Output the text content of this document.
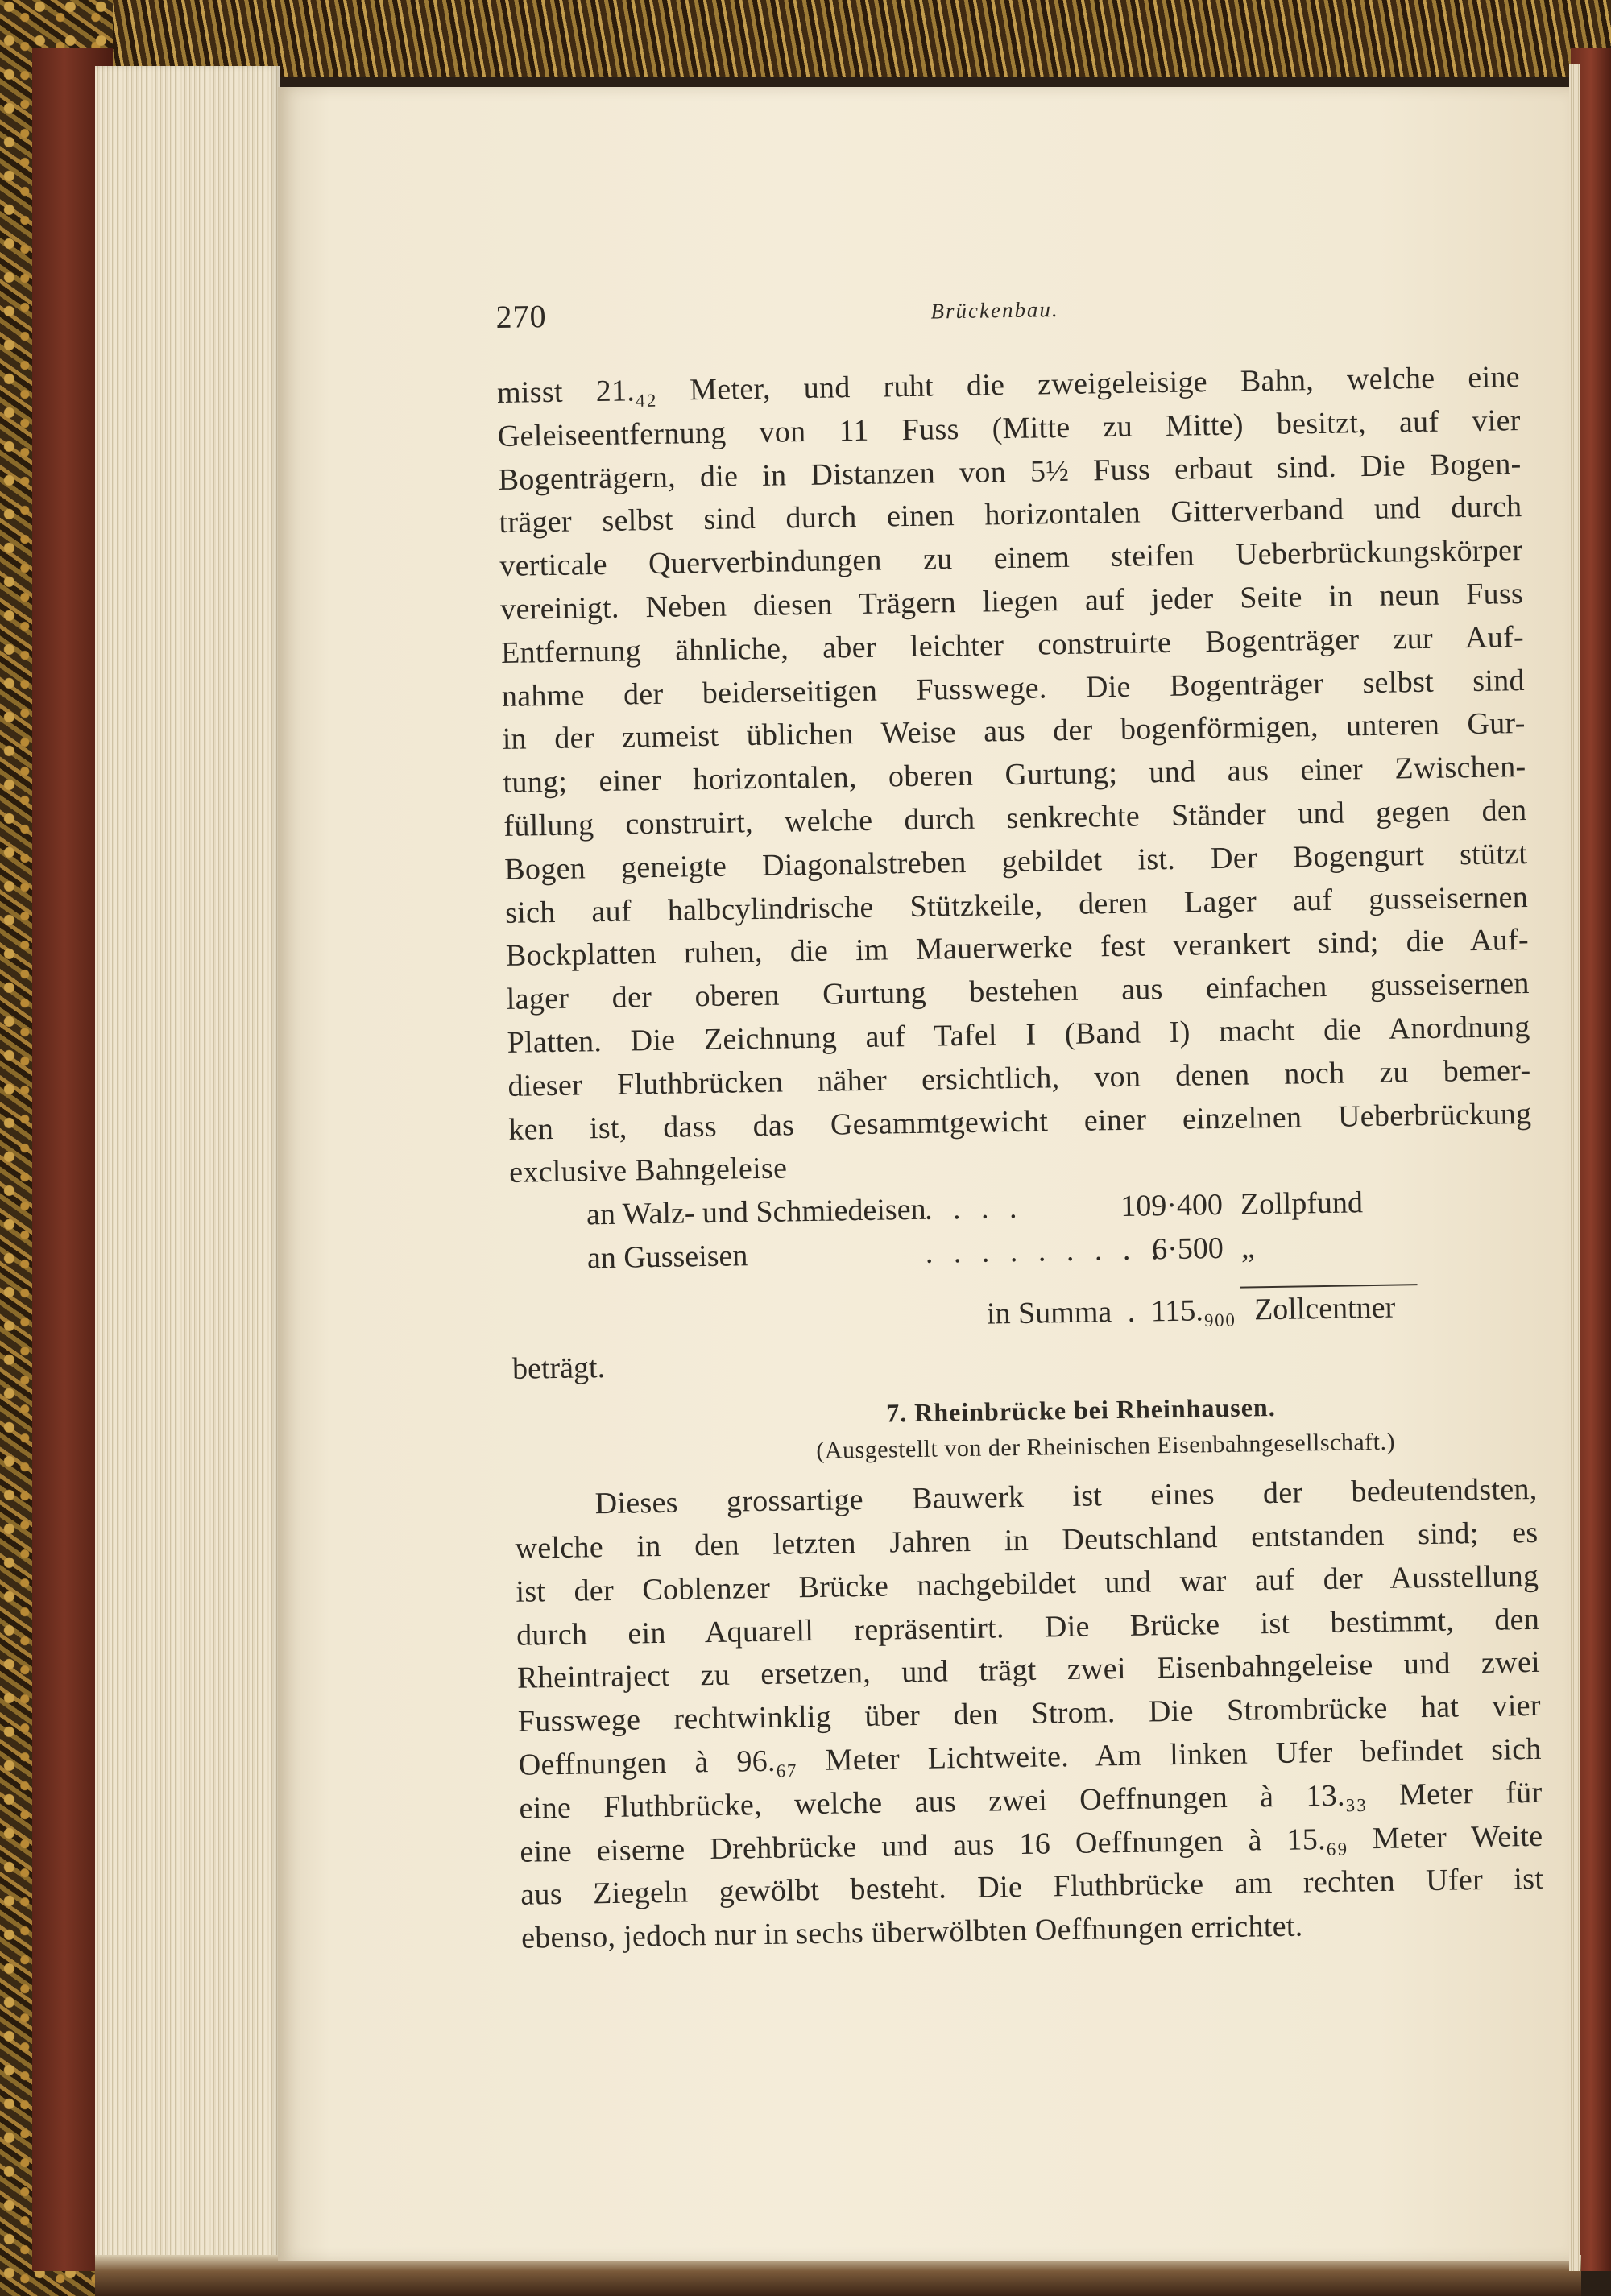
270	Brückenbau.

misst 21.₄₂ Meter, und ruht die zweigeleisige Bahn, welche eine
Geleiseentfernung von 11 Fuss (Mitte zu Mitte) besitzt, auf vier
Bogenträgern, die in Distanzen von 5½ Fuss erbaut sind. Die Bogen-
träger selbst sind durch einen horizontalen Gitterverband und durch
verticale Querverbindungen zu einem steifen Ueberbrückungskörper
vereinigt. Neben diesen Trägern liegen auf jeder Seite in neun Fuss
Entfernung ähnliche, aber leichter construirte Bogenträger zur Auf-
nahme der beiderseitigen Fusswege. Die Bogenträger selbst sind
in der zumeist üblichen Weise aus der bogenförmigen, unteren Gur-
tung; einer horizontalen, oberen Gurtung; und aus einer Zwischen-
füllung construirt, welche durch senkrechte Ständer und gegen den
Bogen geneigte Diagonalstreben gebildet ist. Der Bogengurt stützt
sich auf halbcylindrische Stützkeile, deren Lager auf gusseisernen
Bockplatten ruhen, die im Mauerwerke fest verankert sind; die Auf-
lager der oberen Gurtung bestehen aus einfachen gusseisernen
Platten. Die Zeichnung auf Tafel I (Band I) macht die Anordnung
dieser Fluthbrücken näher ersichtlich, von denen noch zu bemer-
ken ist, dass das Gesammtgewicht einer einzelnen Ueberbrückung
exclusive Bahngeleise

an Walz- und Schmiedeisen. . . .	109·400 Zollpfund
an Gusseisen	. . . . . . . . .6·500 „
in Summa . 115.₉₀₀ Zollcentner
beträgt.
7. Rheinbrücke bei Rheinhausen.
(Ausgestellt von der Rheinischen Eisenbahngesellschaft.)

Dieses grossartige Bauwerk ist eines der bedeutendsten,
welche in den letzten Jahren in Deutschland entstanden sind; es
ist der Coblenzer Brücke nachgebildet und war auf der Ausstellung
durch ein Aquarell repräsentirt. Die Brücke ist bestimmt, den
Rheintraject zu ersetzen, und trägt zwei Eisenbahngeleise und zwei
Fusswege rechtwinklig über den Strom. Die Strombrücke hat vier
Oeffnungen à 96.₆₇ Meter Lichtweite. Am linken Ufer befindet sich
eine Fluthbrücke, welche aus zwei Oeffnungen à 13.₃₃ Meter für
eine eiserne Drehbrücke und aus 16 Oeffnungen à 15.₆₉ Meter Weite
aus Ziegeln gewölbt besteht. Die Fluthbrücke am rechten Ufer ist
ebenso, jedoch nur in sechs überwölbten Oeffnungen errichtet.
